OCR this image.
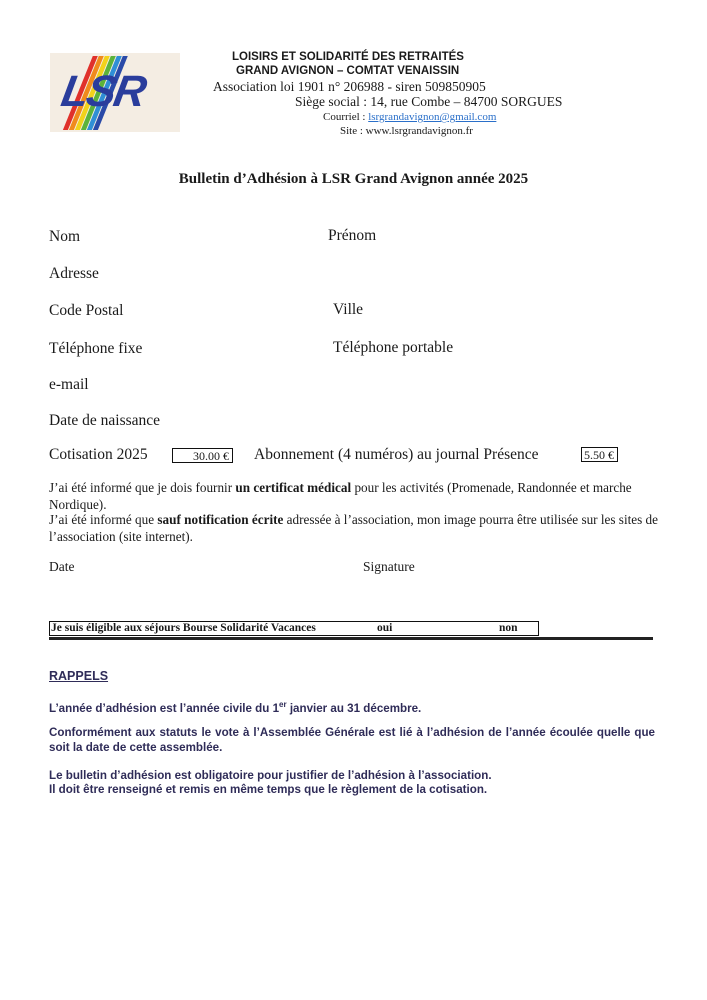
LSR
LOISIRS ET SOLIDARITÉ DES RETRAITÉS
GRAND AVIGNON – COMTAT VENAISSIN
Association loi 1901 n° 206988 - siren 509850905
Siège social : 14, rue Combe – 84700 SORGUES
Courriel : lsrgrandavignon@gmail.com
Site : www.lsrgrandavignon.fr
Bulletin d’Adhésion à LSR Grand Avignon année 2025
Nom	Prénom
Adresse
Code Postal	Ville
Téléphone fixe	Téléphone portable
e-mail
Date de naissance
Cotisation 2025	30.00 € Abonnement (4 numéros) au journal Présence	5.50 €
J’ai été informé que je dois fournir un certificat médical pour les activités (Promenade, Randonnée et marche Nordique).
J’ai été informé que sauf notification écrite adressée à l’association, mon image pourra être utilisée sur les sites de l’association (site internet).
Date	Signature
Je suis éligible aux séjours Bourse Solidarité Vacances	oui	non
RAPPELS
L’année d’adhésion est l’année civile du 1er janvier au 31 décembre.
Conformément aux statuts le vote à l’Assemblée Générale est lié à l’adhésion de l’année écoulée quelle que soit la date de cette assemblée.
Le bulletin d’adhésion est obligatoire pour justifier de l’adhésion à l’association.
Il doit être renseigné et remis en même temps que le règlement de la cotisation.
